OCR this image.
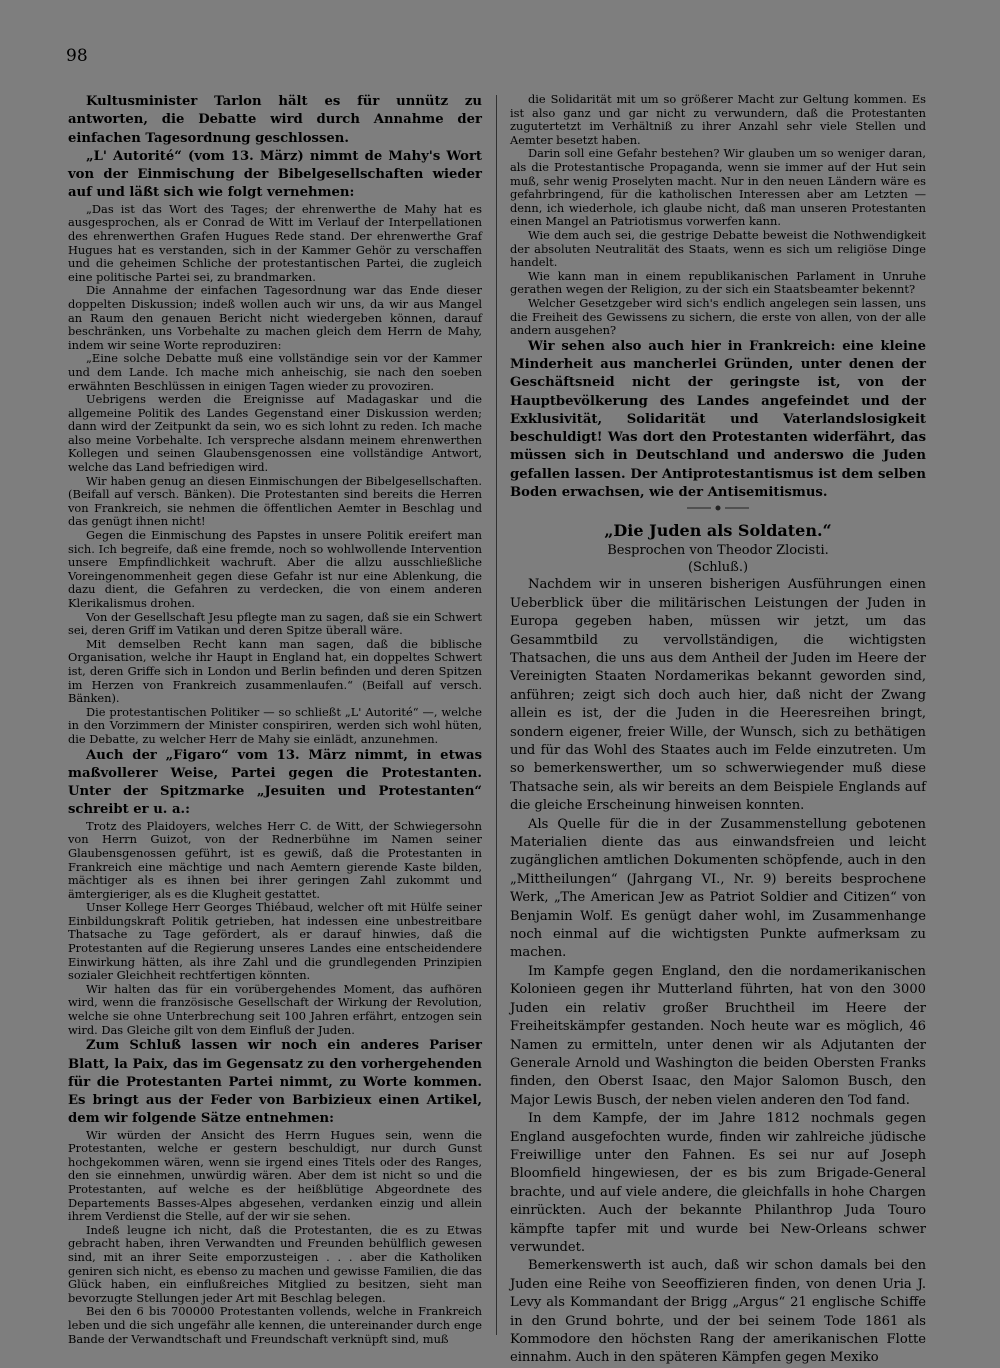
98

Kultusminister Tarlon hält es für unnütz zu antworten, die Debatte wird durch Annahme der einfachen Tagesordnung geschlossen.

„L' Autorité“ (vom 13. März) nimmt de Mahy's Wort von der Einmischung der Bibelgesellschaften wieder auf und läßt sich wie folgt vernehmen:

„Das ist das Wort des Tages; der ehrenwerthe de Mahy hat es ausgesprochen, als er Conrad de Witt im Verlauf der Interpellationen des ehrenwerthen Grafen Hugues Rede stand. Der ehrenwerthe Graf Hugues hat es verstanden, sich in der Kammer Gehör zu verschaffen und die geheimen Schliche der protestantischen Partei, die zugleich eine politische Partei sei, zu brandmarken.

Die Annahme der einfachen Tagesordnung war das Ende dieser doppelten Diskussion; indeß wollen auch wir uns, da wir aus Mangel an Raum den genauen Bericht nicht wiedergeben können, darauf beschränken, uns Vorbehalte zu machen gleich dem Herrn de Mahy, indem wir seine Worte reproduziren:

„Eine solche Debatte muß eine vollständige sein vor der Kammer und dem Lande. Ich mache mich anheischig, sie nach den soeben erwähnten Beschlüssen in einigen Tagen wieder zu provoziren.

Uebrigens werden die Ereignisse auf Madagaskar und die allgemeine Politik des Landes Gegenstand einer Diskussion werden; dann wird der Zeitpunkt da sein, wo es sich lohnt zu reden. Ich mache also meine Vorbehalte. Ich verspreche alsdann meinem ehrenwerthen Kollegen und seinen Glaubensgenossen eine vollständige Antwort, welche das Land befriedigen wird.

Wir haben genug an diesen Einmischungen der Bibelgesellschaften. (Beifall auf versch. Bänken). Die Protestanten sind bereits die Herren von Frankreich, sie nehmen die öffentlichen Aemter in Beschlag und das genügt ihnen nicht!

Gegen die Einmischung des Papstes in unsere Politik ereifert man sich. Ich begreife, daß eine fremde, noch so wohlwollende Intervention unsere Empfindlichkeit wachruft. Aber die allzu ausschließliche Voreingenommenheit gegen diese Gefahr ist nur eine Ablenkung, die dazu dient, die Gefahren zu verdecken, die von einem anderen Klerikalismus drohen.

Von der Gesellschaft Jesu pflegte man zu sagen, daß sie ein Schwert sei, deren Griff im Vatikan und deren Spitze überall wäre.

Mit demselben Recht kann man sagen, daß die biblische Organisation, welche ihr Haupt in England hat, ein doppeltes Schwert ist, deren Griffe sich in London und Berlin befinden und deren Spitzen im Herzen von Frankreich zusammenlaufen.“ (Beifall auf versch. Bänken).

Die protestantischen Politiker — so schließt „L' Autorité“ —, welche in den Vorzimmern der Minister conspiriren, werden sich wohl hüten, die Debatte, zu welcher Herr de Mahy sie einlädt, anzunehmen.

Auch der „Figaro“ vom 13. März nimmt, in etwas maßvollerer Weise, Partei gegen die Protestanten. Unter der Spitzmarke „Jesuiten und Protestanten“ schreibt er u. a.:

Trotz des Plaidoyers, welches Herr C. de Witt, der Schwiegersohn von Herrn Guizot, von der Rednerbühne im Namen seiner Glaubensgenossen geführt, ist es gewiß, daß die Protestanten in Frankreich eine mächtige und nach Aemtern gierende Kaste bilden, mächtiger als es ihnen bei ihrer geringen Zahl zukommt und ämtergieriger, als es die Klugheit gestattet.

Unser Kollege Herr Georges Thiébaud, welcher oft mit Hülfe seiner Einbildungskraft Politik getrieben, hat indessen eine unbestreitbare Thatsache zu Tage gefördert, als er darauf hinwies, daß die Protestanten auf die Regierung unseres Landes eine entscheidendere Einwirkung hätten, als ihre Zahl und die grundlegenden Prinzipien sozialer Gleichheit rechtfertigen könnten.

Wir halten das für ein vorübergehendes Moment, das aufhören wird, wenn die französische Gesellschaft der Wirkung der Revolution, welche sie ohne Unterbrechung seit 100 Jahren erfährt, entzogen sein wird. Das Gleiche gilt von dem Einfluß der Juden.

Zum Schluß lassen wir noch ein anderes Pariser Blatt, la Paix, das im Gegensatz zu den vorhergehenden für die Protestanten Partei nimmt, zu Worte kommen. Es bringt aus der Feder von Barbizieux einen Artikel, dem wir folgende Sätze entnehmen:

Wir würden der Ansicht des Herrn Hugues sein, wenn die Protestanten, welche er gestern beschuldigt, nur durch Gunst hochgekommen wären, wenn sie irgend eines Titels oder des Ranges, den sie einnehmen, unwürdig wären. Aber dem ist nicht so und die Protestanten, auf welche es der heißblütige Abgeordnete des Departements Basses-Alpes abgesehen, verdanken einzig und allein ihrem Verdienst die Stelle, auf der wir sie sehen.

Indeß leugne ich nicht, daß die Protestanten, die es zu Etwas gebracht haben, ihren Verwandten und Freunden behülflich gewesen sind, mit an ihrer Seite emporzusteigen . . . aber die Katholiken geniren sich nicht, es ebenso zu machen und gewisse Familien, die das Glück haben, ein einflußreiches Mitglied zu besitzen, sieht man bevorzugte Stellungen jeder Art mit Beschlag belegen.

Bei den 6 bis 700000 Protestanten vollends, welche in Frankreich leben und die sich ungefähr alle kennen, die untereinander durch enge Bande der Verwandtschaft und Freundschaft verknüpft sind, muß

die Solidarität mit um so größerer Macht zur Geltung kommen. Es ist also ganz und gar nicht zu verwundern, daß die Protestanten zugutertetzt im Verhältniß zu ihrer Anzahl sehr viele Stellen und Aemter besetzt haben.

Darin soll eine Gefahr bestehen? Wir glauben um so weniger daran, als die Protestantische Propaganda, wenn sie immer auf der Hut sein muß, sehr wenig Proselyten macht. Nur in den neuen Ländern wäre es gefahrbringend, für die katholischen Interessen aber am Letzten — denn, ich wiederhole, ich glaube nicht, daß man unseren Protestanten einen Mangel an Patriotismus vorwerfen kann.

Wie dem auch sei, die gestrige Debatte beweist die Nothwendigkeit der absoluten Neutralität des Staats, wenn es sich um religiöse Dinge handelt.

Wie kann man in einem republikanischen Parlament in Unruhe gerathen wegen der Religion, zu der sich ein Staatsbeamter bekennt?

Welcher Gesetzgeber wird sich's endlich angelegen sein lassen, uns die Freiheit des Gewissens zu sichern, die erste von allen, von der alle andern ausgehen?

Wir sehen also auch hier in Frankreich: eine kleine Minderheit aus mancherlei Gründen, unter denen der Geschäftsneid nicht der geringste ist, von der Hauptbevölkerung des Landes angefeindet und der Exklusivität, Solidarität und Vaterlandslosigkeit beschuldigt! Was dort den Protestanten widerfährt, das müssen sich in Deutschland und anderswo die Juden gefallen lassen. Der Antiprotestantismus ist dem selben Boden erwachsen, wie der Antisemitismus.

„Die Juden als Soldaten.“
Besprochen von Theodor Zlocisti.
(Schluß.)

Nachdem wir in unseren bisherigen Ausführungen einen Ueberblick über die militärischen Leistungen der Juden in Europa gegeben haben, müssen wir jetzt, um das Gesammtbild zu vervollständigen, die wichtigsten Thatsachen, die uns aus dem Antheil der Juden im Heere der Vereinigten Staaten Nordamerikas bekannt geworden sind, anführen; zeigt sich doch auch hier, daß nicht der Zwang allein es ist, der die Juden in die Heeresreihen bringt, sondern eigener, freier Wille, der Wunsch, sich zu bethätigen und für das Wohl des Staates auch im Felde einzutreten. Um so bemerkenswerther, um so schwerwiegender muß diese Thatsache sein, als wir bereits an dem Beispiele Englands auf die gleiche Erscheinung hinweisen konnten.

Als Quelle für die in der Zusammenstellung gebotenen Materialien diente das aus einwandsfreien und leicht zugänglichen amtlichen Dokumenten schöpfende, auch in den „Mittheilungen“ (Jahrgang VI., Nr. 9) bereits besprochene Werk, „The American Jew as Patriot Soldier and Citizen“ von Benjamin Wolf. Es genügt daher wohl, im Zusammenhange noch einmal auf die wichtigsten Punkte aufmerksam zu machen.

Im Kampfe gegen England, den die nordamerikanischen Kolonieen gegen ihr Mutterland führten, hat von den 3000 Juden ein relativ großer Bruchtheil im Heere der Freiheitskämpfer gestanden. Noch heute war es möglich, 46 Namen zu ermitteln, unter denen wir als Adjutanten der Generale Arnold und Washington die beiden Obersten Franks finden, den Oberst Isaac, den Major Salomon Busch, den Major Lewis Busch, der neben vielen anderen den Tod fand.

In dem Kampfe, der im Jahre 1812 nochmals gegen England ausgefochten wurde, finden wir zahlreiche jüdische Freiwillige unter den Fahnen. Es sei nur auf Joseph Bloomfield hingewiesen, der es bis zum Brigade-General brachte, und auf viele andere, die gleichfalls in hohe Chargen einrückten. Auch der bekannte Philanthrop Juda Touro kämpfte tapfer mit und wurde bei New-Orleans schwer verwundet.

Bemerkenswerth ist auch, daß wir schon damals bei den Juden eine Reihe von Seeoffizieren finden, von denen Uria J. Levy als Kommandant der Brigg „Argus“ 21 englische Schiffe in den Grund bohrte, und der bei seinem Tode 1861 als Kommodore den höchsten Rang der amerikanischen Flotte einnahm. Auch in den späteren Kämpfen gegen Mexiko
